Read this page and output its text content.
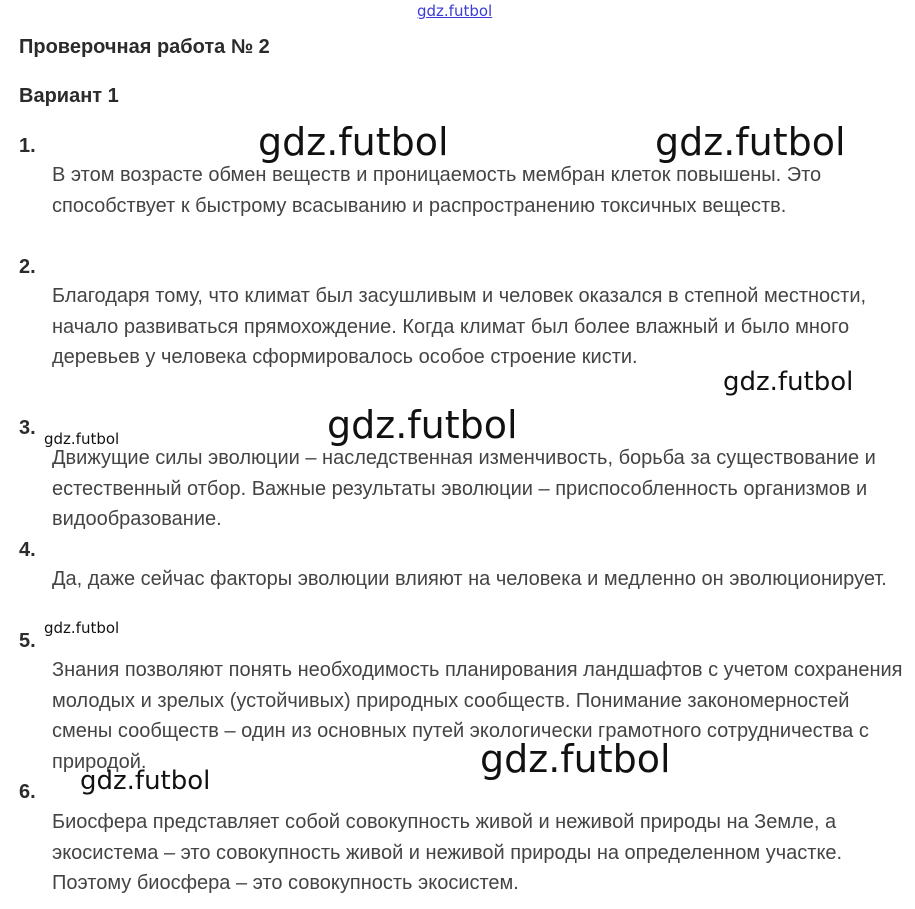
gdz.futbol
Проверочная работа № 2
Вариант 1
1.
В этом возрасте обмен веществ и проницаемость мембран клеток повышены. Это способствует к быстрому всасыванию и распространению токсичных веществ.
2.
Благодаря тому, что климат был засушливым и человек оказался в степной местности, начало развиваться прямохождение. Когда климат был более влажный и было много деревьев у человека сформировалось особое строение кисти.
3.
Движущие силы эволюции – наследственная изменчивость, борьба за существование и естественный отбор. Важные результаты эволюции – приспособленность организмов и видообразование.
4.
Да, даже сейчас факторы эволюции влияют на человека и медленно он эволюционирует.
5.
Знания позволяют понять необходимость планирования ландшафтов с учетом сохранения молодых и зрелых (устойчивых) природных сообществ. Понимание закономерностей смены сообществ – один из основных путей экологически грамотного сотрудничества с природой.
6.
Биосфера представляет собой совокупность живой и неживой природы на Земле, а экосистема – это совокупность живой и неживой природы на определенном участке. Поэтому биосфера – это совокупность экосистем.
gdz.futbol	gdz.futbol
gdz.futbol
gdz.futbol
gdz.futbol
gdz.futbol
gdz.futbol
gdz.futbol
